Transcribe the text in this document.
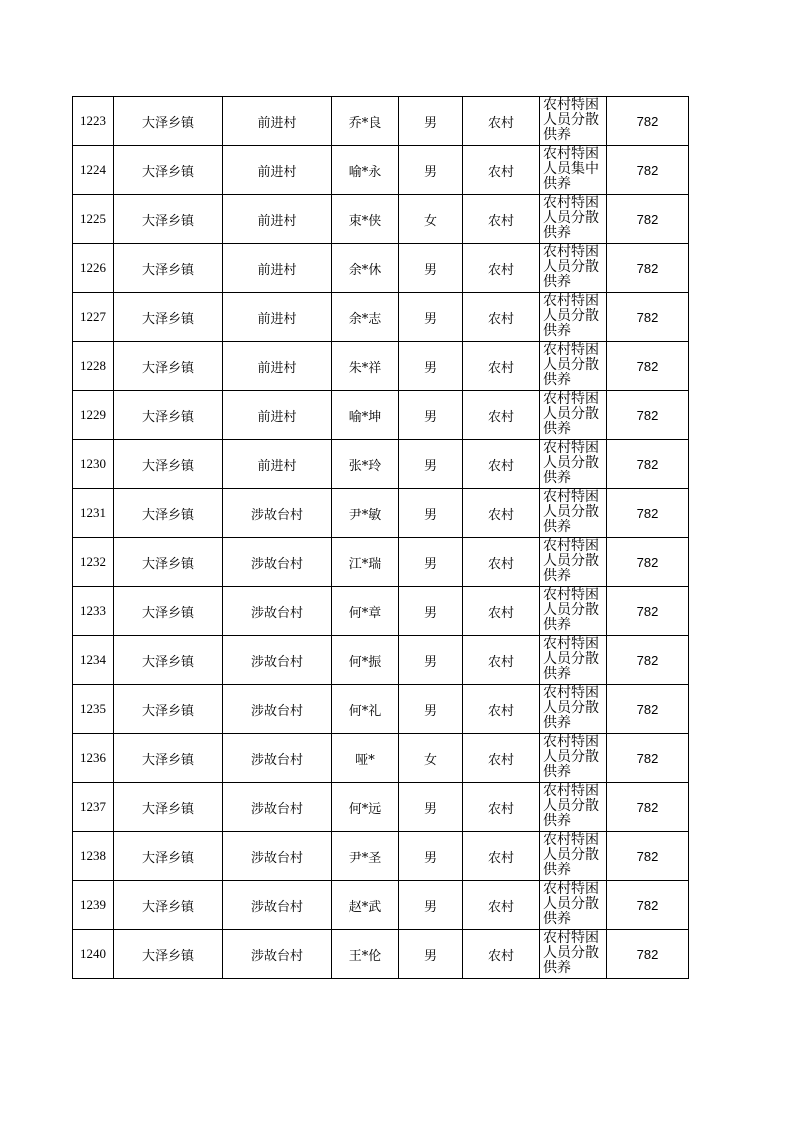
1223	大泽乡镇	前进村	乔*良	男	农村	农村特困人员分散供养	782
1224	大泽乡镇	前进村	喻*永	男	农村	农村特困人员集中供养	782
1225	大泽乡镇	前进村	束*侠	女	农村	农村特困人员分散供养	782
1226	大泽乡镇	前进村	余*休	男	农村	农村特困人员分散供养	782
1227	大泽乡镇	前进村	余*志	男	农村	农村特困人员分散供养	782
1228	大泽乡镇	前进村	朱*祥	男	农村	农村特困人员分散供养	782
1229	大泽乡镇	前进村	喻*坤	男	农村	农村特困人员分散供养	782
1230	大泽乡镇	前进村	张*玲	男	农村	农村特困人员分散供养	782
1231	大泽乡镇	涉故台村	尹*敏	男	农村	农村特困人员分散供养	782
1232	大泽乡镇	涉故台村	江*瑞	男	农村	农村特困人员分散供养	782
1233	大泽乡镇	涉故台村	何*章	男	农村	农村特困人员分散供养	782
1234	大泽乡镇	涉故台村	何*振	男	农村	农村特困人员分散供养	782
1235	大泽乡镇	涉故台村	何*礼	男	农村	农村特困人员分散供养	782
1236	大泽乡镇	涉故台村	哑*	女	农村	农村特困人员分散供养	782
1237	大泽乡镇	涉故台村	何*远	男	农村	农村特困人员分散供养	782
1238	大泽乡镇	涉故台村	尹*圣	男	农村	农村特困人员分散供养	782
1239	大泽乡镇	涉故台村	赵*武	男	农村	农村特困人员分散供养	782
1240	大泽乡镇	涉故台村	王*伦	男	农村	农村特困人员分散供养	782
